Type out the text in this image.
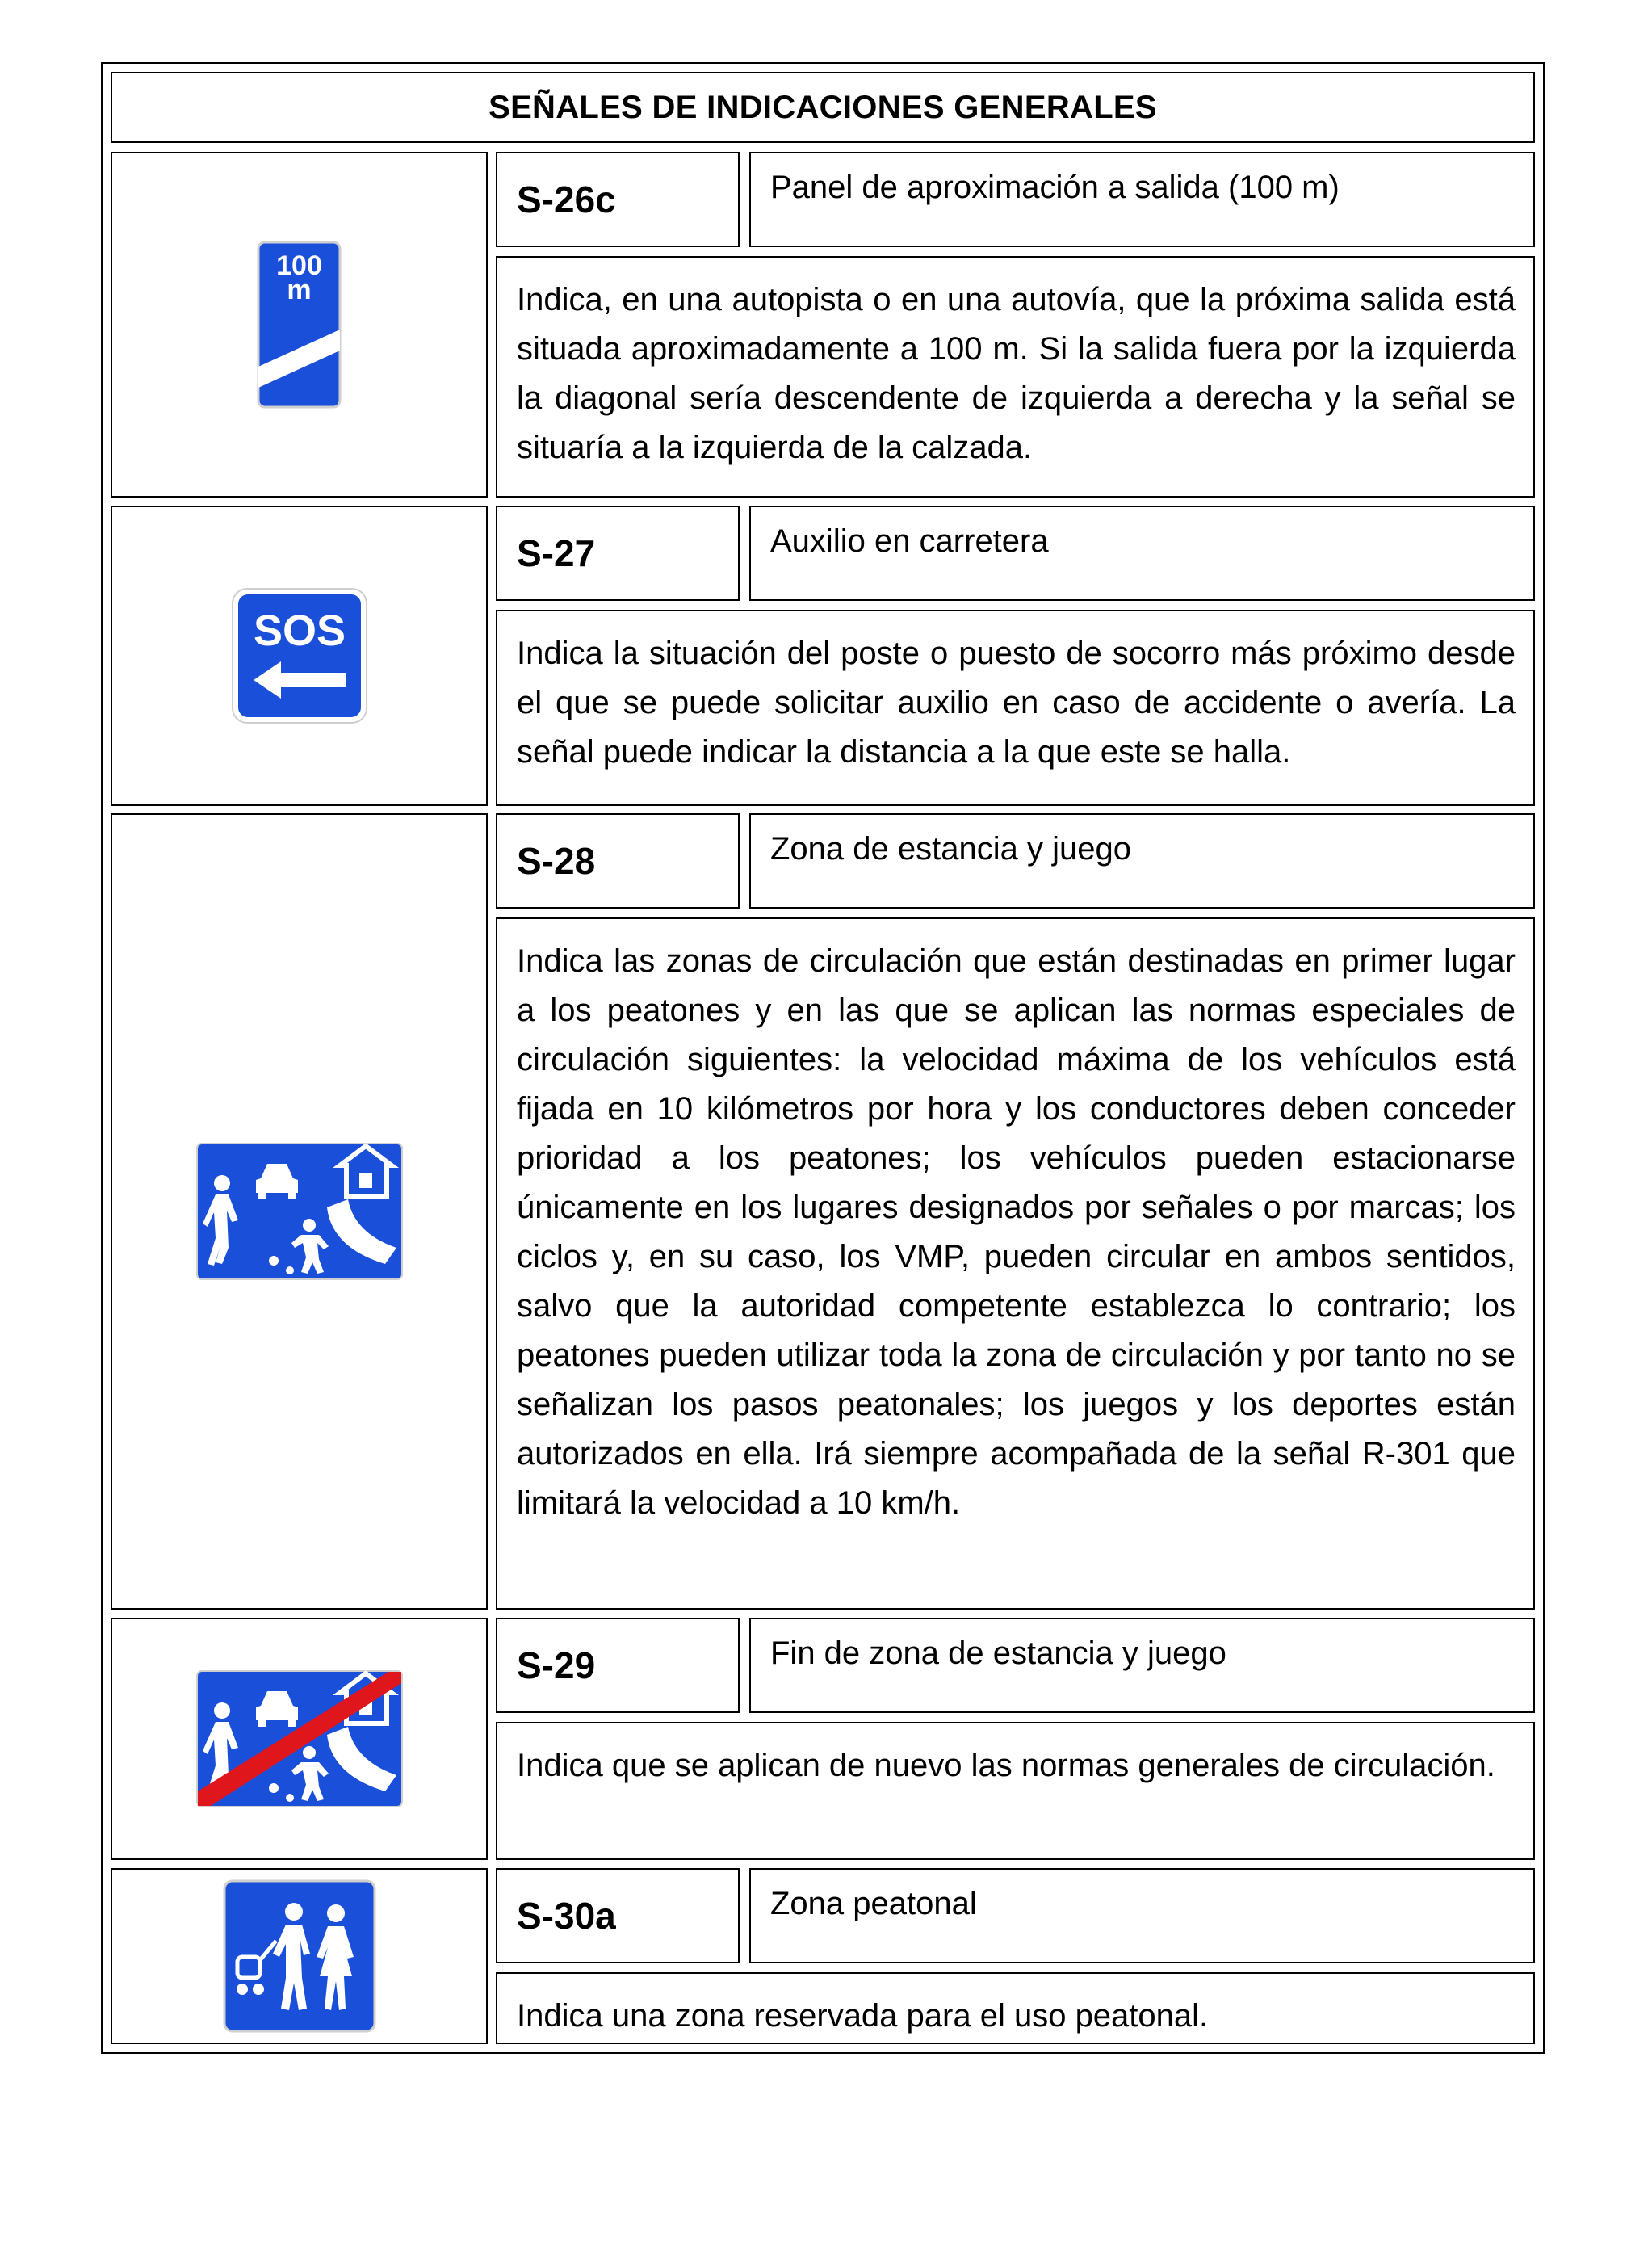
SEÑALES DE INDICACIONES GENERALES
100
m
S-26c	Panel de aproximación a salida (100 m)
Indica, en una autopista o en una autovía, que la próxima salida está situada aproximadamente a 100 m. Si la salida fuera por la izquierda la diagonal sería descendente de izquierda a derecha y la señal se situaría a la izquierda de la calzada.
SOS
S-27	Auxilio en carretera
Indica la situación del poste o puesto de socorro más próximo desde el que se puede solicitar auxilio en caso de accidente o avería. La señal puede indicar la distancia a la que este se halla.
S-28	Zona de estancia y juego
Indica las zonas de circulación que están destinadas en primer lugar a los peatones y en las que se aplican las normas especiales de circulación siguientes: la velocidad máxima de los vehículos está fijada en 10 kilómetros por hora y los conductores deben conceder prioridad a los peatones; los vehículos pueden estacionarse únicamente en los lugares designados por señales o por marcas; los ciclos y, en su caso, los VMP, pueden circular en ambos sentidos, salvo que la autoridad competente establezca lo contrario; los peatones pueden utilizar toda la zona de circulación y por tanto no se señalizan los pasos peatonales; los juegos y los deportes están autorizados en ella. Irá siempre acompañada de la señal R-301 que limitará la velocidad a 10 km/h.
S-29	Fin de zona de estancia y juego
Indica que se aplican de nuevo las normas generales de circulación.
S-30a	Zona peatonal
Indica una zona reservada para el uso peatonal.
